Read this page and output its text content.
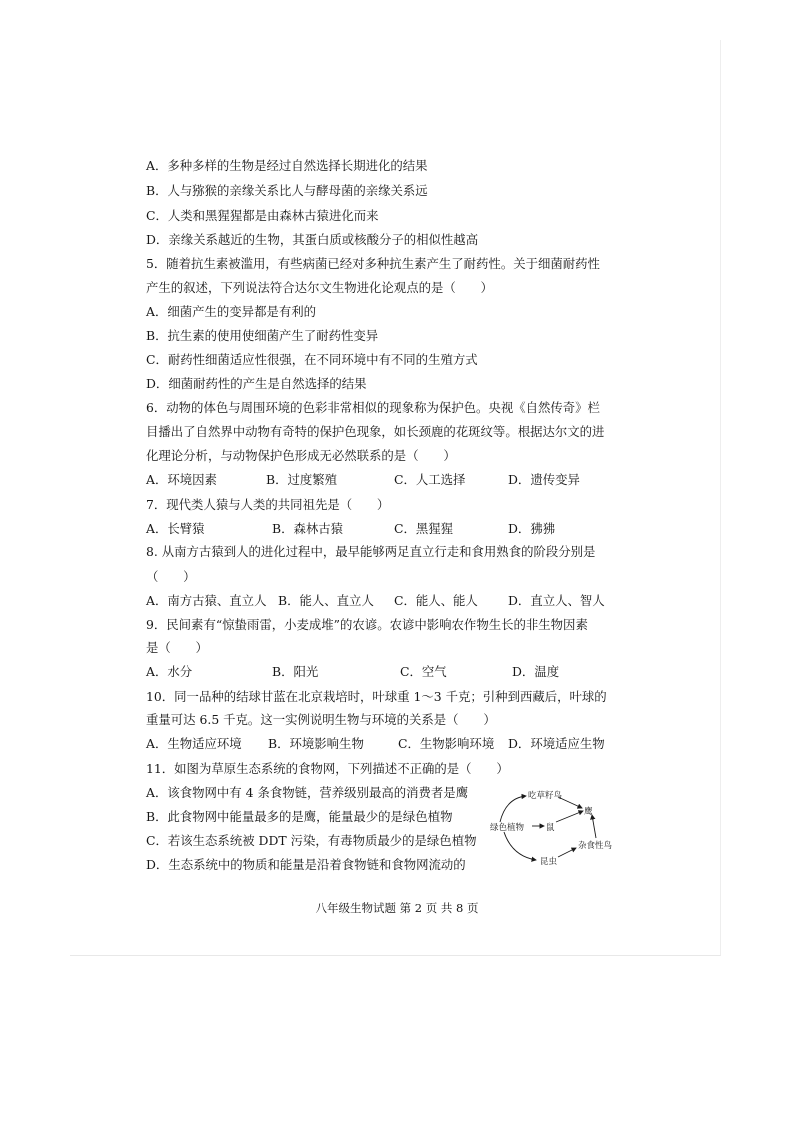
A．多种多样的生物是经过自然选择长期进化的结果
B．人与猕猴的亲缘关系比人与酵母菌的亲缘关系远
C．人类和黑猩猩都是由森林古猿进化而来
D．亲缘关系越近的生物，其蛋白质或核酸分子的相似性越高
5．随着抗生素被滥用，有些病菌已经对多种抗生素产生了耐药性。关于细菌耐药性
产生的叙述，下列说法符合达尔文生物进化论观点的是（　　）
A．细菌产生的变异都是有利的
B．抗生素的使用使细菌产生了耐药性变异
C．耐药性细菌适应性很强，在不同环境中有不同的生殖方式
D．细菌耐药性的产生是自然选择的结果
6．动物的体色与周围环境的色彩非常相似的现象称为保护色。央视《自然传奇》栏
目播出了自然界中动物有奇特的保护色现象，如长颈鹿的花斑纹等。根据达尔文的进
化理论分析，与动物保护色形成无必然联系的是（　　）
A．环境因素	B．过度繁殖	C．人工选择	D．遗传变异
7．现代类人猿与人类的共同祖先是（　　）
A．长臂猿	B．森林古猿	C．黑猩猩	D．狒狒
8. 从南方古猿到人的进化过程中，最早能够两足直立行走和食用熟食的阶段分别是
（　　）
A．南方古猿、直立人 B．能人、直立人 C．能人、能人 D．直立人、智人
9．民间素有“惊蛰雨雷，小麦成堆”的农谚。农谚中影响农作物生长的非生物因素
是（　　）
A．水分	B．阳光	C．空气	D．温度
10．同一品种的结球甘蓝在北京栽培时，叶球重 1～3 千克；引种到西藏后，叶球的
重量可达 6.5 千克。这一实例说明生物与环境的关系是（　　）
A．生物适应环境 B．环境影响生物	C．生物影响环境 D．环境适应生物
11．如图为草原生态系统的食物网，下列描述不正确的是（　　）
A．该食物网中有 4 条食物链，营养级别最高的消费者是鹰
B．此食物网中能量最多的是鹰，能量最少的是绿色植物
C．若该生态系统被 DDT 污染，有毒物质最少的是绿色植物
D．生态系统中的物质和能量是沿着食物链和食物网流动的
吃草籽鸟
鹰
绿色植物	鼠
杂食性鸟
昆虫
八年级生物试题 第 2 页 共 8 页
